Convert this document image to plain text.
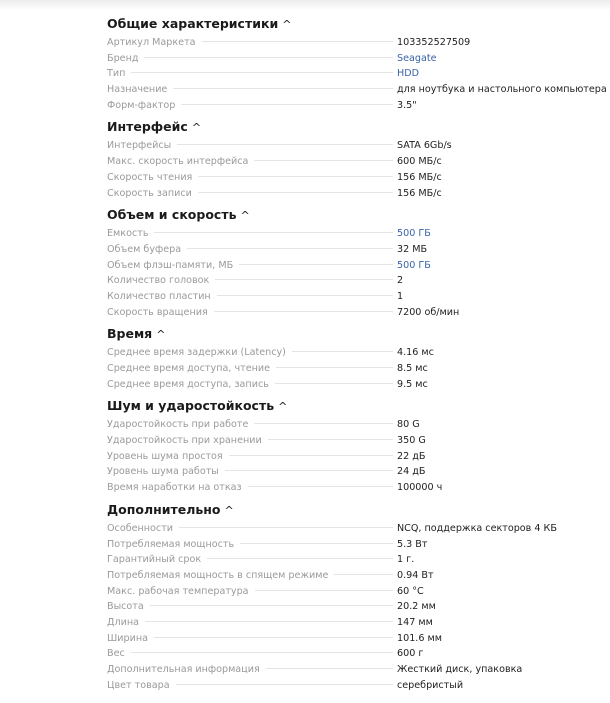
Общие характеристики ^
Артикул Маркета	103352527509
Бренд	Seagate
Тип	HDD
Назначение	для ноутбука и настольного компьютера
Форм-фактор	3.5"
Интерфейс ^
Интерфейсы	SATA 6Gb/s
Макс. скорость интерфейса	600 МБ/с
Скорость чтения	156 МБ/с
Скорость записи	156 МБ/с
Объем и скорость ^
Емкость	500 ГБ
Объем буфера	32 МБ
Объем флэш-памяти, МБ	500 ГБ
Количество головок	2
Количество пластин	1
Скорость вращения	7200 об/мин
Время ^
Среднее время задержки (Latency)	4.16 мс
Среднее время доступа, чтение	8.5 мс
Среднее время доступа, запись	9.5 мс
Шум и ударостойкость ^
Ударостойкость при работе	80 G
Ударостойкость при хранении	350 G
Уровень шума простоя	22 дБ
Уровень шума работы	24 дБ
Время наработки на отказ	100000 ч
Дополнительно ^
Особенности	NCQ, поддержка секторов 4 КБ
Потребляемая мощность	5.3 Вт
Гарантийный срок	1 г.
Потребляемая мощность в спящем режиме	0.94 Вт
Макс. рабочая температура	60 °C
Высота	20.2 мм
Длина	147 мм
Ширина	101.6 мм
Вес	600 г
Дополнительная информация	Жесткий диск, упаковка
Цвет товара	серебристый
